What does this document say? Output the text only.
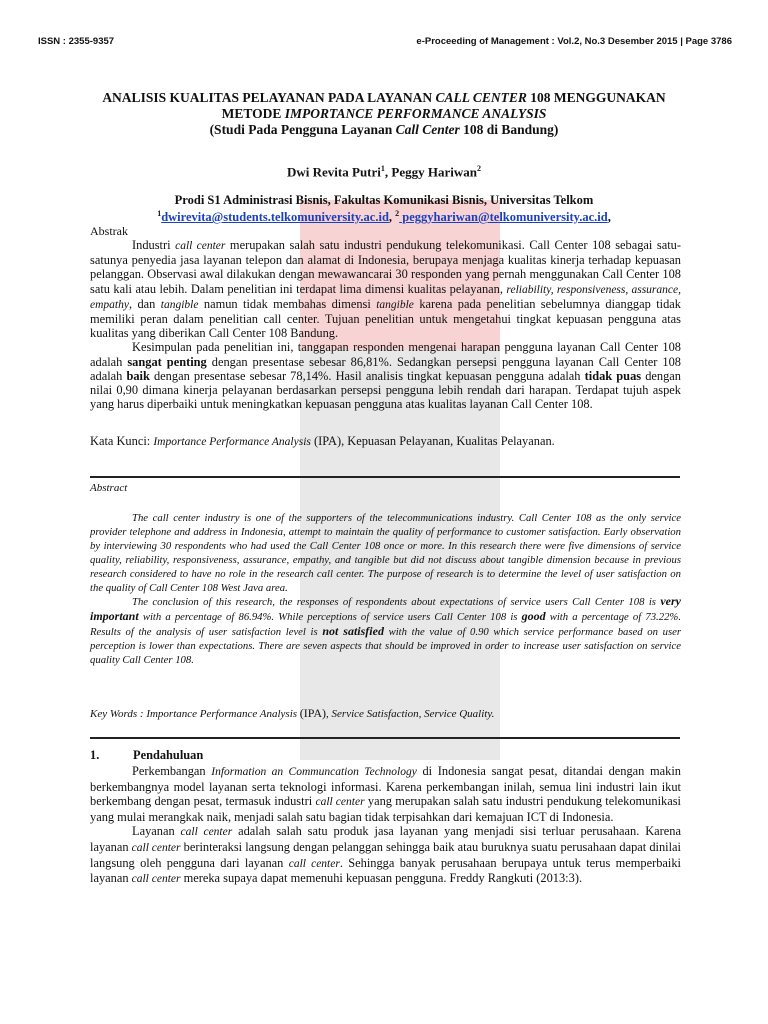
ISSN : 2355-9357	e-Proceeding of Management : Vol.2, No.3 Desember 2015 | Page 3786
ANALISIS KUALITAS PELAYANAN PADA LAYANAN CALL CENTER 108 MENGGUNAKAN
METODE IMPORTANCE PERFORMANCE ANALYSIS
(Studi Pada Pengguna Layanan Call Center 108 di Bandung)
Dwi Revita Putri$^1$, Peggy Hariwan$^2$
Prodi S1 Administrasi Bisnis, Fakultas Komunikasi Bisnis, Universitas Telkom
$^1$dwirevita@students.telkomuniversity.ac.id, $^2$ peggyhariwan@telkomuniversity.ac.id,
Abstrak
Industri call center merupakan salah satu industri pendukung telekomunikasi. Call Center 108 sebagai satu-satunya penyedia jasa layanan telepon dan alamat di Indonesia, berupaya menjaga kualitas kinerja terhadap kepuasan pelanggan. Observasi awal dilakukan dengan mewawancarai 30 responden yang pernah menggunakan Call Center 108 satu kali atau lebih. Dalam penelitian ini terdapat lima dimensi kualitas pelayanan, reliability, responsiveness, assurance, empathy, dan tangible namun tidak membahas dimensi tangible karena pada penelitian sebelumnya dianggap tidak memiliki peran dalam penelitian call center. Tujuan penelitian untuk mengetahui tingkat kepuasan pengguna atas kualitas yang diberikan Call Center 108 Bandung.
Kesimpulan pada penelitian ini, tanggapan responden mengenai harapan pengguna layanan Call Center 108 adalah sangat penting dengan presentase sebesar 86,81%. Sedangkan persepsi pengguna layanan Call Center 108 adalah baik dengan presentase sebesar 78,14%. Hasil analisis tingkat kepuasan pengguna adalah tidak puas dengan nilai 0,90 dimana kinerja pelayanan berdasarkan persepsi pengguna lebih rendah dari harapan. Terdapat tujuh aspek yang harus diperbaiki untuk meningkatkan kepuasan pengguna atas kualitas layanan Call Center 108.
Kata Kunci: Importance Performance Analysis (IPA), Kepuasan Pelayanan, Kualitas Pelayanan.
Abstract
The call center industry is one of the supporters of the telecommunications industry. Call Center 108 as the only service provider telephone and address in Indonesia, attempt to maintain the quality of performance to customer satisfaction. Early observation by interviewing 30 respondents who had used the Call Center 108 once or more. In this research there were five dimensions of service quality, reliability, responsiveness, assurance, empathy, and tangible but did not discuss about tangible dimension because in previous research considered to have no role in the research call center. The purpose of research is to determine the level of user satisfaction on the quality of Call Center 108 West Java area.
The conclusion of this research, the responses of respondents about expectations of service users Call Center 108 is very important with a percentage of 86.94%. While perceptions of service users Call Center 108 is good with a percentage of 73.22%. Results of the analysis of user satisfaction level is not satisfied with the value of 0.90 which service performance based on user perception is lower than expectations. There are seven aspects that should be improved in order to increase user satisfaction on service quality Call Center 108.
Key Words : Importance Performance Analysis (IPA), Service Satisfaction, Service Quality.
1.	Pendahuluan
Perkembangan Information an Communcation Technology di Indonesia sangat pesat, ditandai dengan makin berkembangnya model layanan serta teknologi informasi. Karena perkembangan inilah, semua lini industri lain ikut berkembang dengan pesat, termasuk industri call center yang merupakan salah satu industri pendukung telekomunikasi yang mulai merangkak naik, menjadi salah satu bagian tidak terpisahkan dari kemajuan ICT di Indonesia.
Layanan call center adalah salah satu produk jasa layanan yang menjadi sisi terluar perusahaan. Karena layanan call center berinteraksi langsung dengan pelanggan sehingga baik atau buruknya suatu perusahaan dapat dinilai langsung oleh pengguna dari layanan call center. Sehingga banyak perusahaan berupaya untuk terus memperbaiki layanan call center mereka supaya dapat memenuhi kepuasan pengguna. Freddy Rangkuti (2013:3).
